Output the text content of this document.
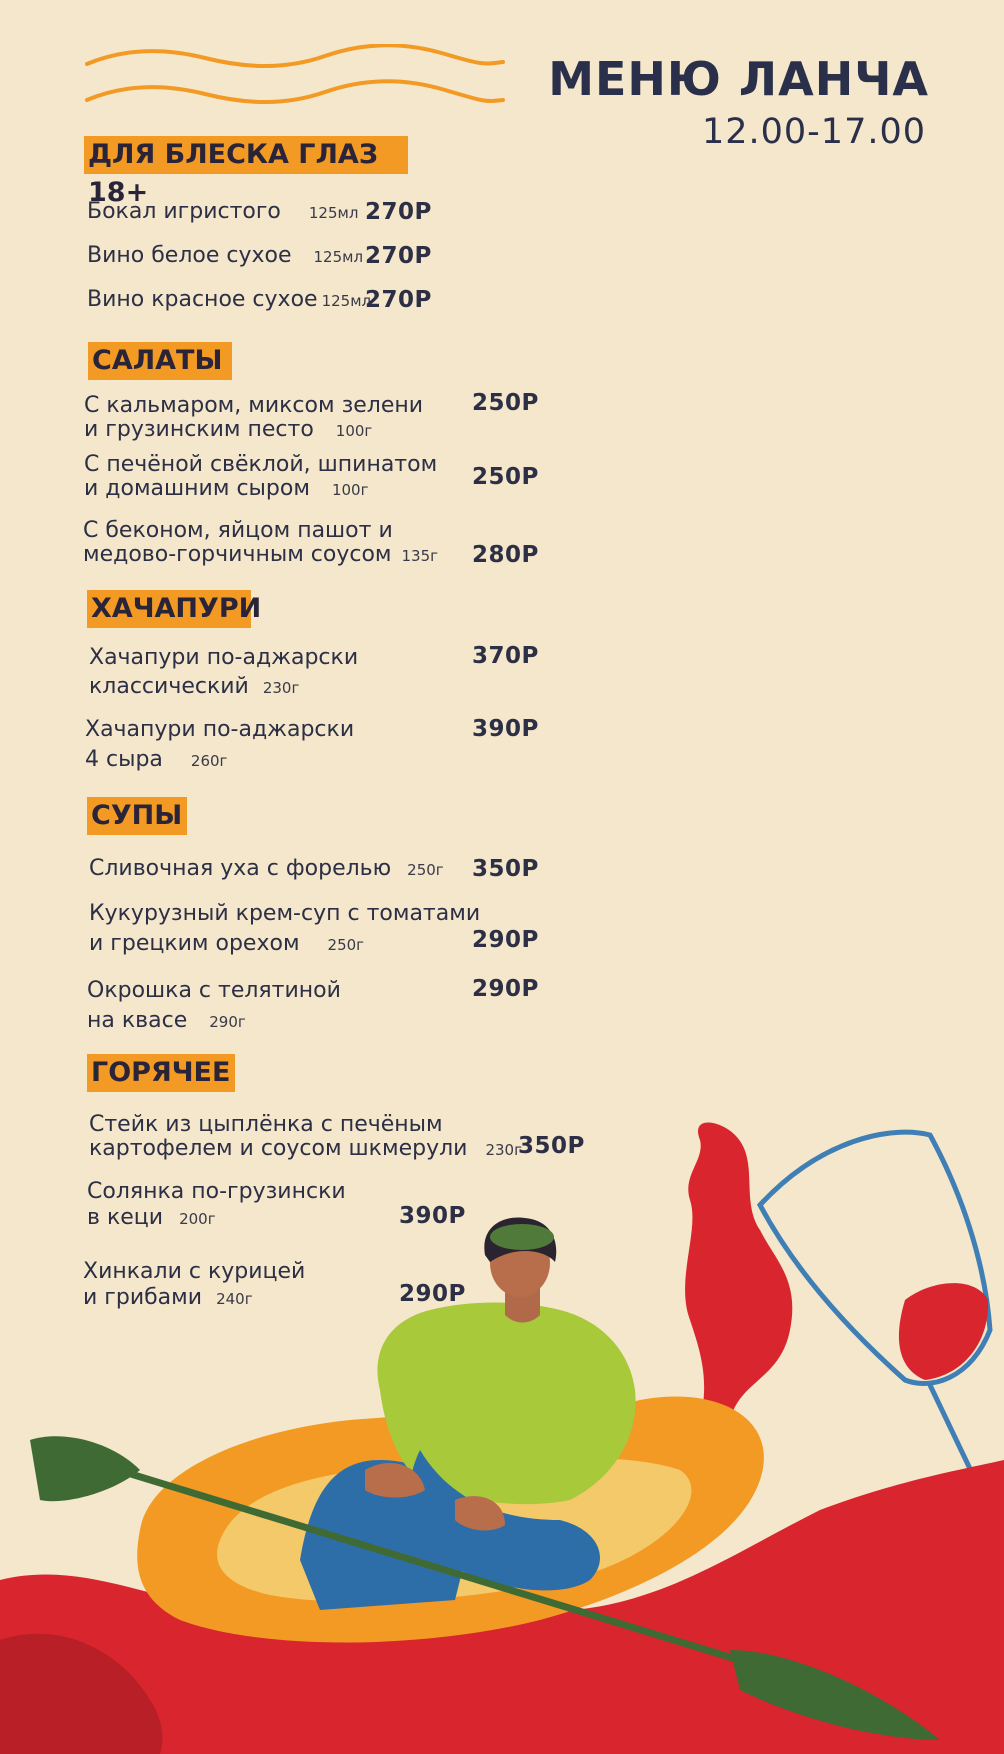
МЕНЮ ЛАНЧА
12.00-17.00
ДЛЯ БЛЕСКА ГЛАЗ 18+
Бокал игристого 125мл 270Р
Вино белое сухое 125мл 270Р
Вино красное сухое 125мл
270Р
САЛАТЫ
С кальмаром, миксом зелени
и грузинским песто 100г
250Р
С печёной свёклой, шпинатом
и домашним сыром 100г	250Р
С беконом, яйцом пашот и
медово-горчичным соусом 135г 280Р
ХАЧАПУРИ
Хачапури по-аджарски
классический 230г
370Р
Хачапури по-аджарски
4 сыра 260г
390Р
СУПЫ
Сливочная уха с форелью 250г 350Р
Кукурузный крем-суп с томатами
и грецким орехом 250г	290Р
Окрошка с телятиной
на квасе 290г
290Р
ГОРЯЧЕЕ
Стейк из цыплёнка с печёным
картофелем и соусом шкмерули 230г
350Р
Солянка по-грузински
в кеци 200г	390Р
Хинкали с курицей
и грибами 240г	290Р
